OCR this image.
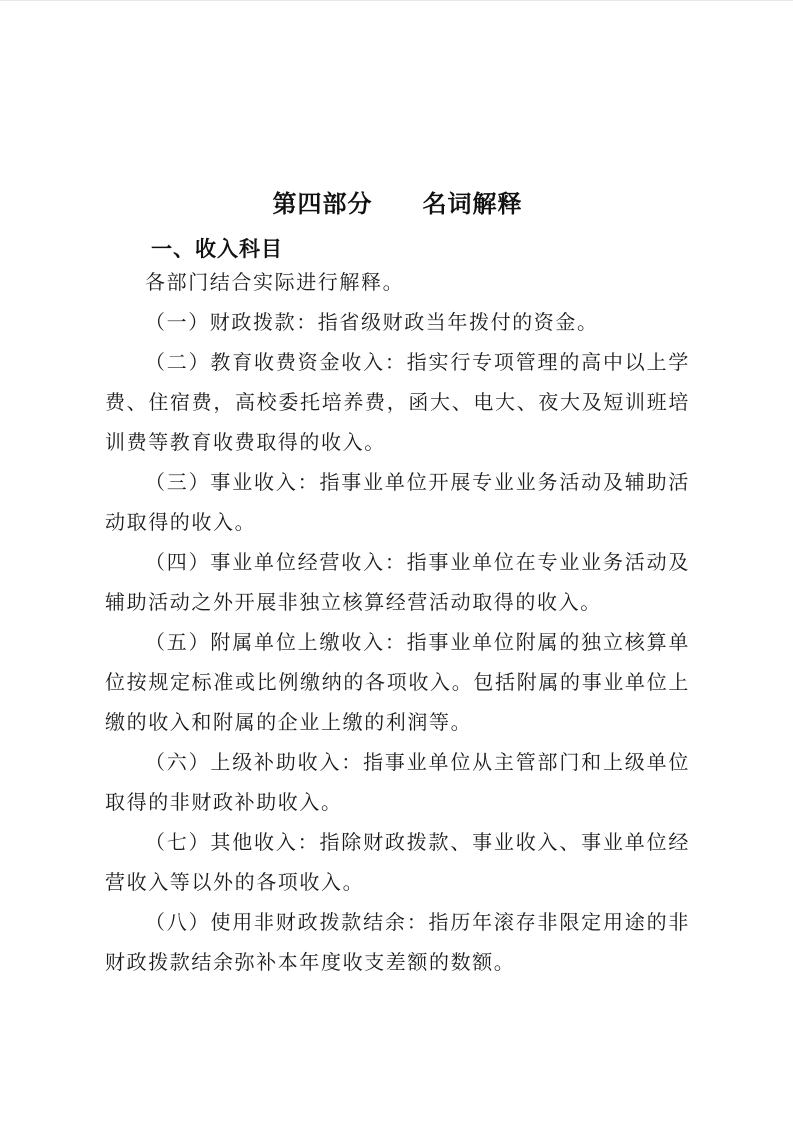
第四部分　　名词解释
一、收入科目

各部门结合实际进行解释。

（一）财政拨款：指省级财政当年拨付的资金。

（二）教育收费资金收入：指实行专项管理的高中以上学费、住宿费，高校委托培养费，函大、电大、夜大及短训班培训费等教育收费取得的收入。

（三）事业收入：指事业单位开展专业业务活动及辅助活动取得的收入。

（四）事业单位经营收入：指事业单位在专业业务活动及辅助活动之外开展非独立核算经营活动取得的收入。

（五）附属单位上缴收入：指事业单位附属的独立核算单位按规定标准或比例缴纳的各项收入。包括附属的事业单位上缴的收入和附属的企业上缴的利润等。

（六）上级补助收入：指事业单位从主管部门和上级单位取得的非财政补助收入。

（七）其他收入：指除财政拨款、事业收入、事业单位经营收入等以外的各项收入。

（八）使用非财政拨款结余：指历年滚存非限定用途的非财政拨款结余弥补本年度收支差额的数额。
